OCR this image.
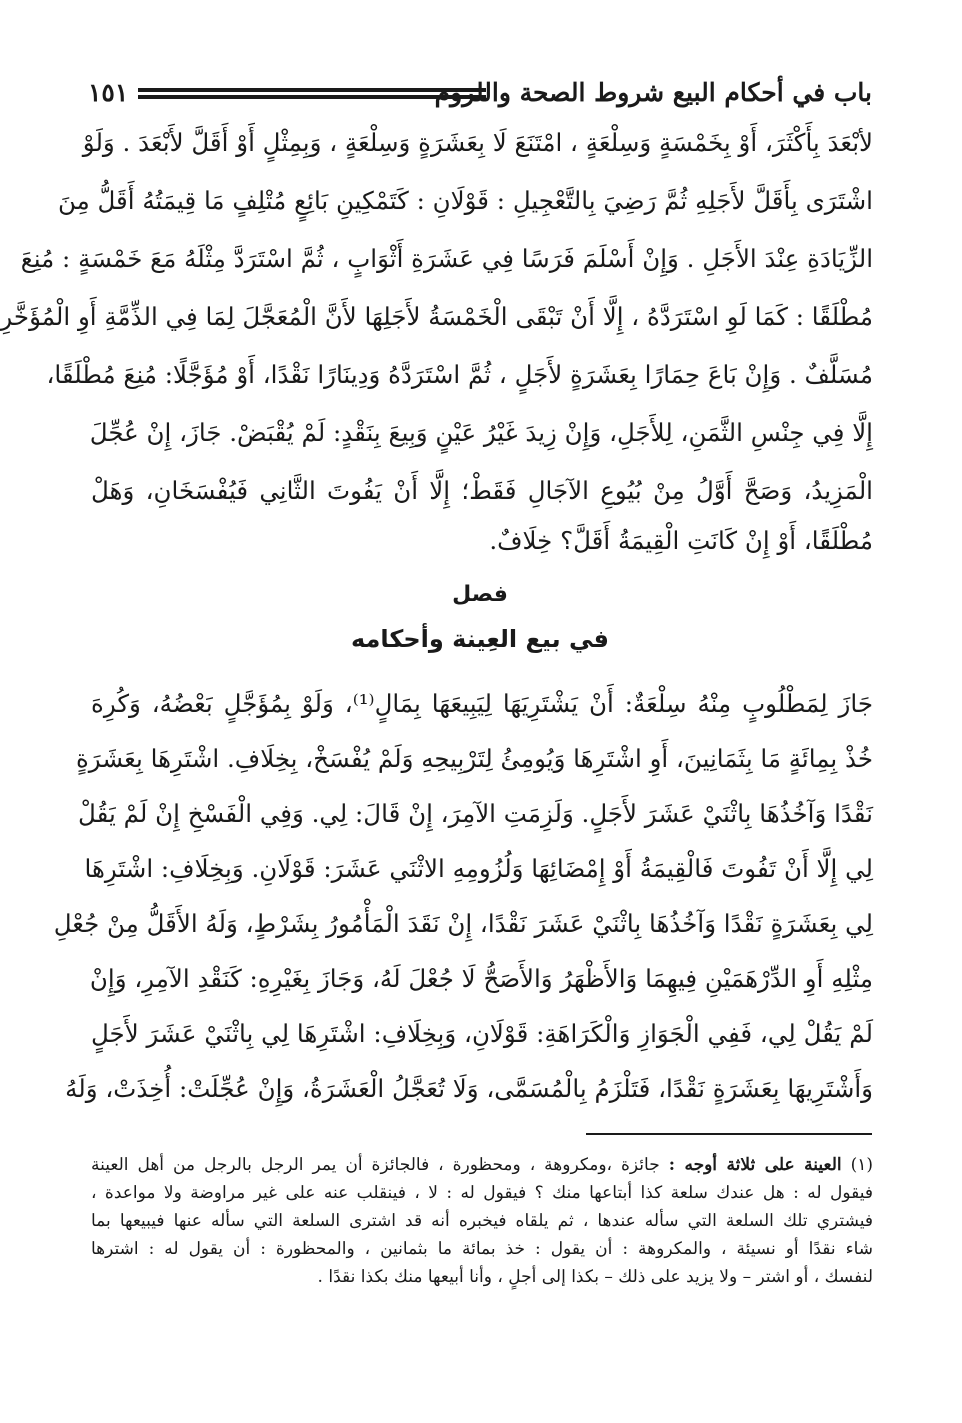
باب في أحكام البيع شروط الصحة واللزوم
١٥١
لأبْعَدَ بِأَكْثَرَ، أَوْ بِخَمْسَةٍ وَسِلْعَةٍ ، امْتَنَعَ لَا بِعَشَرَةٍ وَسِلْعَةٍ ، وَبِمِثْلٍ أَوْ أَقَلَّ لأَبْعَدَ . وَلَوْ
اشْتَرَى بِأَقَلَّ لأَجَلِهِ ثُمَّ رَضِيَ بِالتَّعْجِيلِ : قَوْلَانِ : كَتَمْكِينِ بَائِعٍ مُتْلِفٍ مَا قِيمَتُهُ أَقَلُّ مِنَ
الزِّيَادَةِ عِنْدَ الأَجَلِ . وَإِنْ أَسْلَمَ فَرَسًا فِي عَشَرَةِ أَثْوَابٍ ، ثُمَّ اسْتَرَدَّ مِثْلَهُ مَعَ خَمْسَةٍ : مُنِعَ
مُطْلَقًا : كَمَا لَوِ اسْتَرَدَّهُ ، إِلَّا أَنْ تَبْقَى الْخَمْسَةُ لأَجَلِهَا لأَنَّ الْمُعَجَّلَ لِمَا فِي الذِّمَّةِ أَوِ الْمُؤَخَّرِ
مُسَلَّفٌ . وَإِنْ بَاعَ حِمَارًا بِعَشَرَةٍ لأَجَلٍ ، ثُمَّ اسْتَرَدَّهُ وَدِينَارًا نَقْدًا، أَوْ مُؤَجَّلًا: مُنِعَ مُطْلَقًا،
إِلَّا فِي جِنْسِ الثَّمَنِ، لِلأَجَلِ، وَإِنْ زِيدَ غَيْرُ عَيْنٍ وَبِيعَ بِنَقْدٍ: لَمْ يُقْبَضْ. جَازَ، إِنْ عُجِّلَ
الْمَزِيدُ، وَصَحَّ أَوَّلُ مِنْ بُيُوعِ الآجَالِ فَقَطْ؛ إِلَّا أَنْ يَفُوتَ الثَّانِي فَيُفْسَخَانِ، وَهَلْ
مُطْلَقًا، أَوْ إِنْ كَانَتِ الْقِيمَةُ أَقَلَّ؟ خِلَافٌ.
فصل
في بيع العِينة وأحكامه
جَازَ لِمَطْلُوبٍ مِنْهُ سِلْعَةٌ: أَنْ يَشْتَرِيَهَا لِيَبِيعَهَا بِمَالٍ⁽¹⁾، وَلَوْ بِمُؤَجَّلٍ بَعْضُهُ، وَكُرِهَ
خُذْ بِمِائَةٍ مَا بِثَمَانِينَ، أَوِ اشْتَرِهَا وَيُومِئُ لِتَرْبِيحِهِ وَلَمْ يُفْسَخْ، بِخِلَافِ. اشْتَرِهَا بِعَشَرَةٍ
نَقْدًا وَآخُذُهَا بِاثْنَيْ عَشَرَ لأَجَلٍ. وَلَزِمَتِ الآمِرَ، إِنْ قَالَ: لِي. وَفِي الْفَسْخِ إِنْ لَمْ يَقُلْ
لِي إِلَّا أَنْ تَفُوتَ فَالْقِيمَةُ أَوْ إِمْضَائِهَا وَلُزُومِهِ الاثْنَي عَشَرَ: قَوْلَانِ. وَبِخِلَافِ: اشْتَرِهَا
لِي بِعَشَرَةٍ نَقْدًا وَآخُذُهَا بِاثْنَيْ عَشَرَ نَقْدًا، إِنْ نَقَدَ الْمَأْمُورُ بِشَرْطٍ، وَلَهُ الأَقَلُّ مِنْ جُعْلِ
مِثْلِهِ أَوِ الدِّرْهَمَيْنِ فِيهِمَا وَالأَظْهَرُ وَالأَصَحُّ لَا جُعْلَ لَهُ، وَجَازَ بِغَيْرِهِ: كَنَقْدِ الآمِرِ، وَإِنْ
لَمْ يَقُلْ لِي، فَفِي الْجَوَازِ وَالْكَرَاهَةِ: قَوْلَانِ، وَبِخِلَافِ: اشْتَرِهَا لِي بِاثْنَيْ عَشَرَ لأَجَلٍ
وَأَشْتَرِيهَا بِعَشَرَةٍ نَقْدًا، فَتَلْزَمُ بِالْمُسَمَّى، وَلَا تُعَجَّلُ الْعَشَرَةُ، وَإِنْ عُجِّلَتْ: أُخِذَتْ، وَلَهُ
(١) العينة على ثلاثة أوجه : جائزة ،ومكروهة ، ومحظورة ، فالجائزة أن يمر الرجل بالرجل من أهل العينة
فيقول له : هل عندك سلعة كذا أبتاعها منك ؟ فيقول له : لا ، فينقلب عنه على غير مراوضة ولا مواعدة ،
فيشتري تلك السلعة التي سأله عندها ، ثم يلقاه فيخبره أنه قد اشترى السلعة التي سأله عنها فيبيعها بما
شاء نقدًا أو نسيئة ، والمكروهة : أن يقول : خذ بمائة ما بثمانين ، والمحظورة : أن يقول له : اشترها
لنفسك ، أو اشتر – ولا يزيد على ذلك – بكذا إلى أجلٍ ، وأنا أبيعها منك بكذا نقدًا .
